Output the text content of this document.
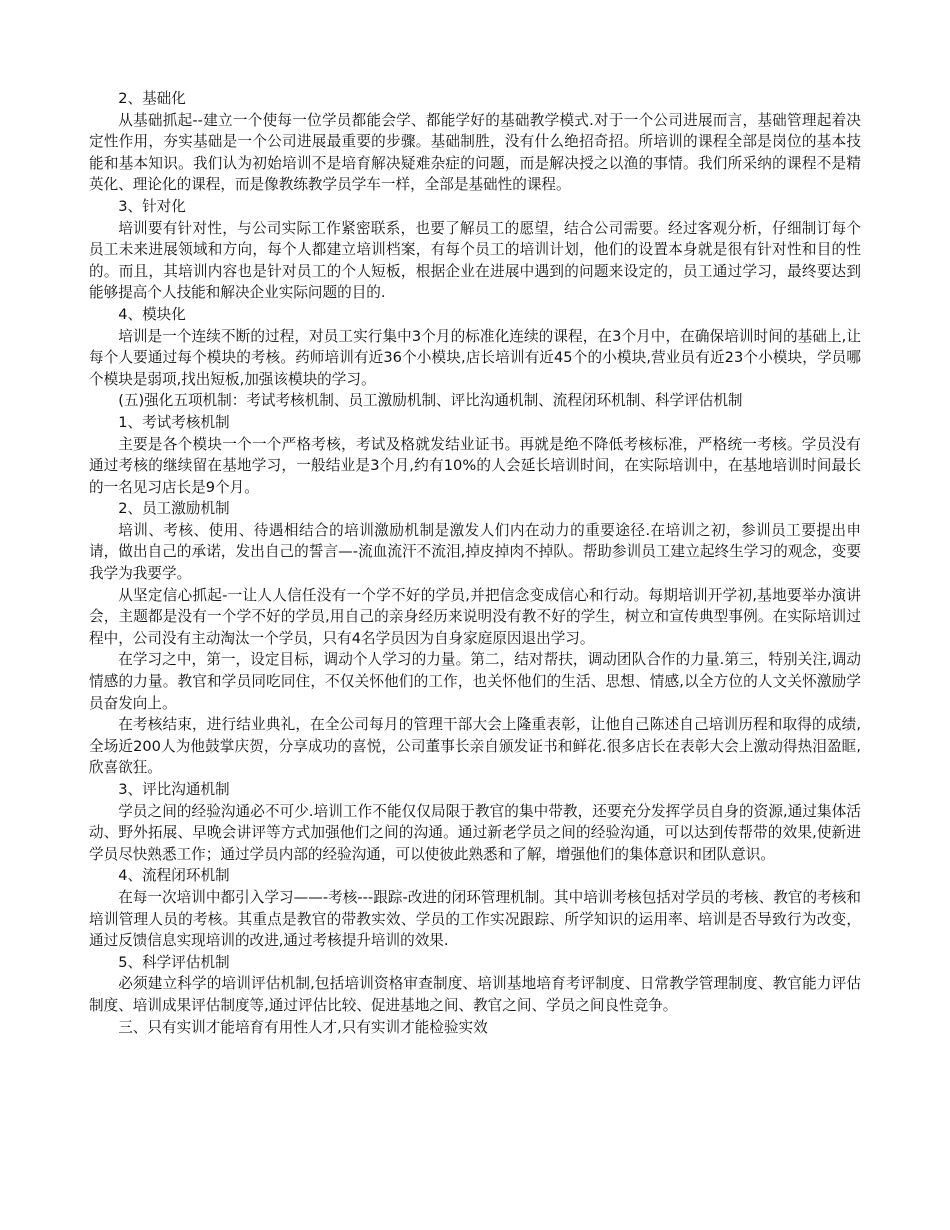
2、基础化

从基础抓起--建立一个使每一位学员都能会学、都能学好的基础教学模式.对于一个公司进展而言，基础管理起着决定性作用，夯实基础是一个公司进展最重要的步骤。基础制胜，没有什么绝招奇招。所培训的课程全部是岗位的基本技能和基本知识。我们认为初始培训不是培育解决疑难杂症的问题，而是解决授之以渔的事情。我们所采纳的课程不是精英化、理论化的课程，而是像教练教学员学车一样，全部是基础性的课程。

3、针对化

培训要有针对性，与公司实际工作紧密联系，也要了解员工的愿望，结合公司需要。经过客观分析，仔细制订每个员工未来进展领域和方向，每个人都建立培训档案，有每个员工的培训计划，他们的设置本身就是很有针对性和目的性的。而且，其培训内容也是针对员工的个人短板，根据企业在进展中遇到的问题来设定的，员工通过学习，最终要达到能够提高个人技能和解决企业实际问题的目的.

4、模块化

培训是一个连续不断的过程，对员工实行集中3个月的标准化连续的课程，在3个月中，在确保培训时间的基础上,让每个人要通过每个模块的考核。药师培训有近36个小模块,店长培训有近45个的小模块,营业员有近23个小模块，学员哪个模块是弱项,找出短板,加强该模块的学习。

(五)强化五项机制：考试考核机制、员工激励机制、评比沟通机制、流程闭环机制、科学评估机制

1、考试考核机制

主要是各个模块一个一个严格考核，考试及格就发结业证书。再就是绝不降低考核标准，严格统一考核。学员没有通过考核的继续留在基地学习，一般结业是3个月,约有10%的人会延长培训时间，在实际培训中，在基地培训时间最长的一名见习店长是9个月。

2、员工激励机制

培训、考核、使用、待遇相结合的培训激励机制是激发人们内在动力的重要途径.在培训之初，参训员工要提出申请，做出自己的承诺，发出自己的誓言—-流血流汗不流泪,掉皮掉肉不掉队。帮助参训员工建立起终生学习的观念，变要我学为我要学。

从坚定信心抓起-一让人人信任没有一个学不好的学员,并把信念变成信心和行动。每期培训开学初,基地要举办演讲会，主题都是没有一个学不好的学员,用自己的亲身经历来说明没有教不好的学生，树立和宣传典型事例。在实际培训过程中，公司没有主动淘汰一个学员，只有4名学员因为自身家庭原因退出学习。

在学习之中，第一，设定目标，调动个人学习的力量。第二，结对帮扶，调动团队合作的力量.第三，特别关注,调动情感的力量。教官和学员同吃同住，不仅关怀他们的工作，也关怀他们的生活、思想、情感,以全方位的人文关怀激励学员奋发向上。

在考核结束，进行结业典礼，在全公司每月的管理干部大会上隆重表彰，让他自己陈述自己培训历程和取得的成绩,全场近200人为他鼓掌庆贺，分享成功的喜悦，公司董事长亲自颁发证书和鲜花.很多店长在表彰大会上激动得热泪盈眶,欣喜欲狂。

3、评比沟通机制

学员之间的经验沟通必不可少.培训工作不能仅仅局限于教官的集中带教，还要充分发挥学员自身的资源,通过集体活动、野外拓展、早晚会讲评等方式加强他们之间的沟通。通过新老学员之间的经验沟通，可以达到传帮带的效果,使新进学员尽快熟悉工作；通过学员内部的经验沟通，可以使彼此熟悉和了解，增强他们的集体意识和团队意识。

4、流程闭环机制

在每一次培训中都引入学习——-考核---跟踪-改进的闭环管理机制。其中培训考核包括对学员的考核、教官的考核和培训管理人员的考核。其重点是教官的带教实效、学员的工作实况跟踪、所学知识的运用率、培训是否导致行为改变，通过反馈信息实现培训的改进,通过考核提升培训的效果.

5、科学评估机制

必须建立科学的培训评估机制,包括培训资格审查制度、培训基地培育考评制度、日常教学管理制度、教官能力评估制度、培训成果评估制度等,通过评估比较、促进基地之间、教官之间、学员之间良性竞争。

三、只有实训才能培育有用性人才,只有实训才能检验实效
